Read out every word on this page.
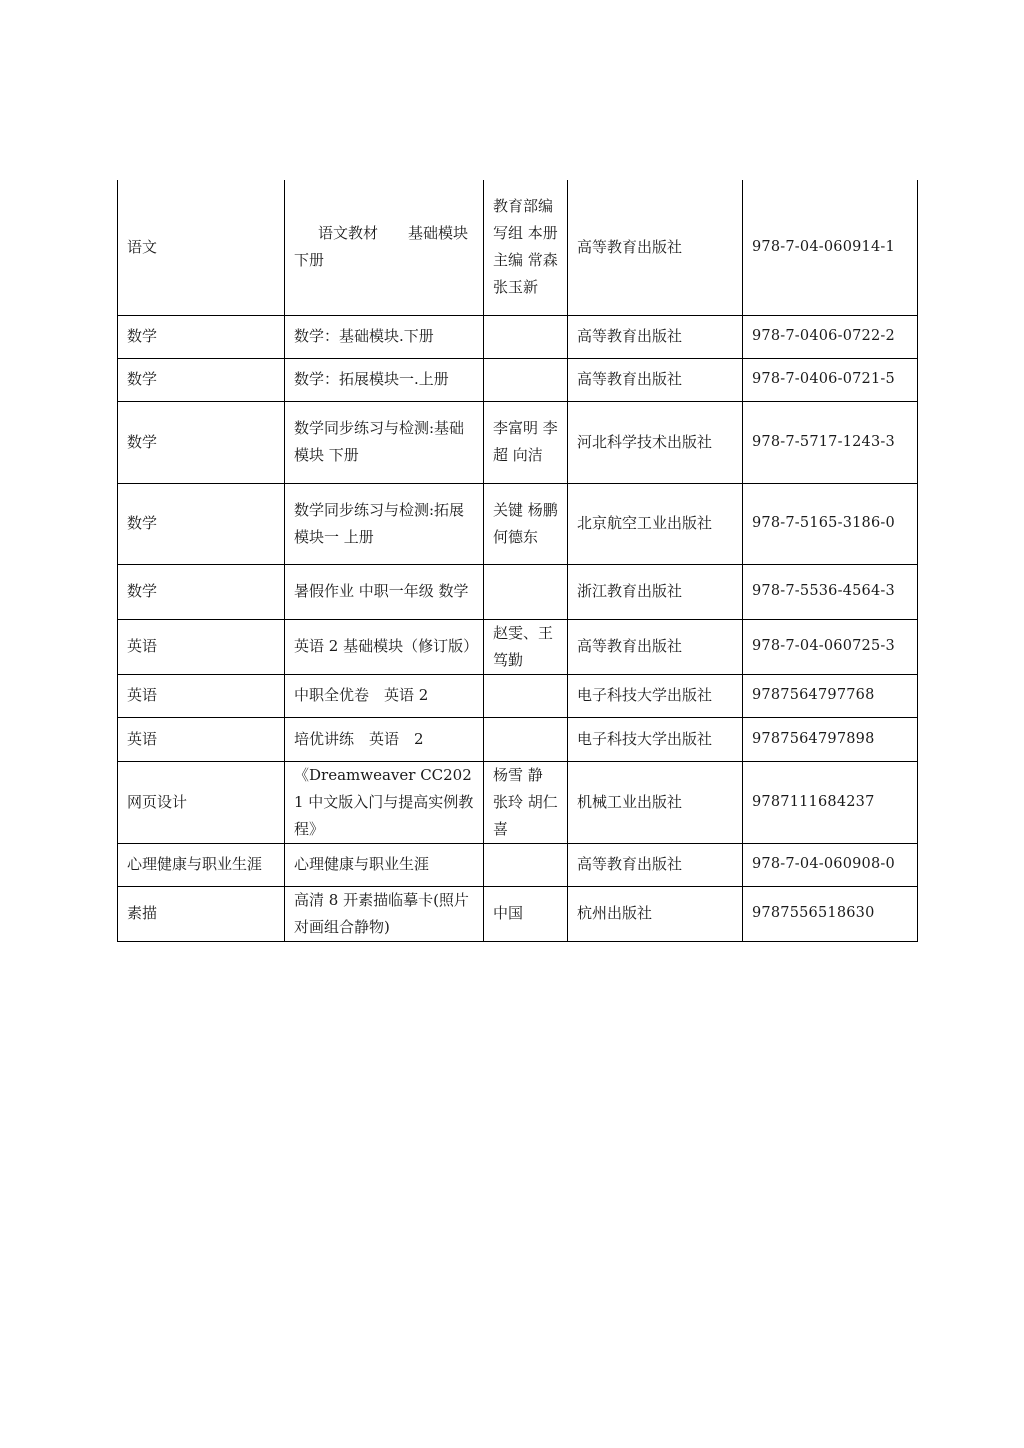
语文	语文教材　　基础模块下册	教育部编写组 本册主编 常森 张玉新	高等教育出版社	978-7-04-060914-1
数学	数学：基础模块.下册		高等教育出版社	978-7-0406-0722-2
数学	数学：拓展模块一.上册		高等教育出版社	978-7-0406-0721-5
数学	数学同步练习与检测:基础模块 下册	李富明 李超 向洁	河北科学技术出版社	978-7-5717-1243-3
数学	数学同步练习与检测:拓展模块一 上册	关键 杨鹏 何德东	北京航空工业出版社	978-7-5165-3186-0
数学	暑假作业 中职一年级 数学		浙江教育出版社	978-7-5536-4564-3
英语	英语 2 基础模块（修订版）	赵雯、王笃勤	高等教育出版社	978-7-04-060725-3
英语	中职全优卷　英语 2		电子科技大学出版社	9787564797768
英语	培优讲练　英语　2		电子科技大学出版社	9787564797898
网页设计	《Dreamweaver CC2021 中文版入门与提高实例教程》	杨雪 静 张玲 胡仁喜	机械工业出版社	9787111684237
心理健康与职业生涯	心理健康与职业生涯		高等教育出版社	978-7-04-060908-0
素描	高清 8 开素描临摹卡(照片对画组合静物)	中国	杭州出版社	9787556518630
